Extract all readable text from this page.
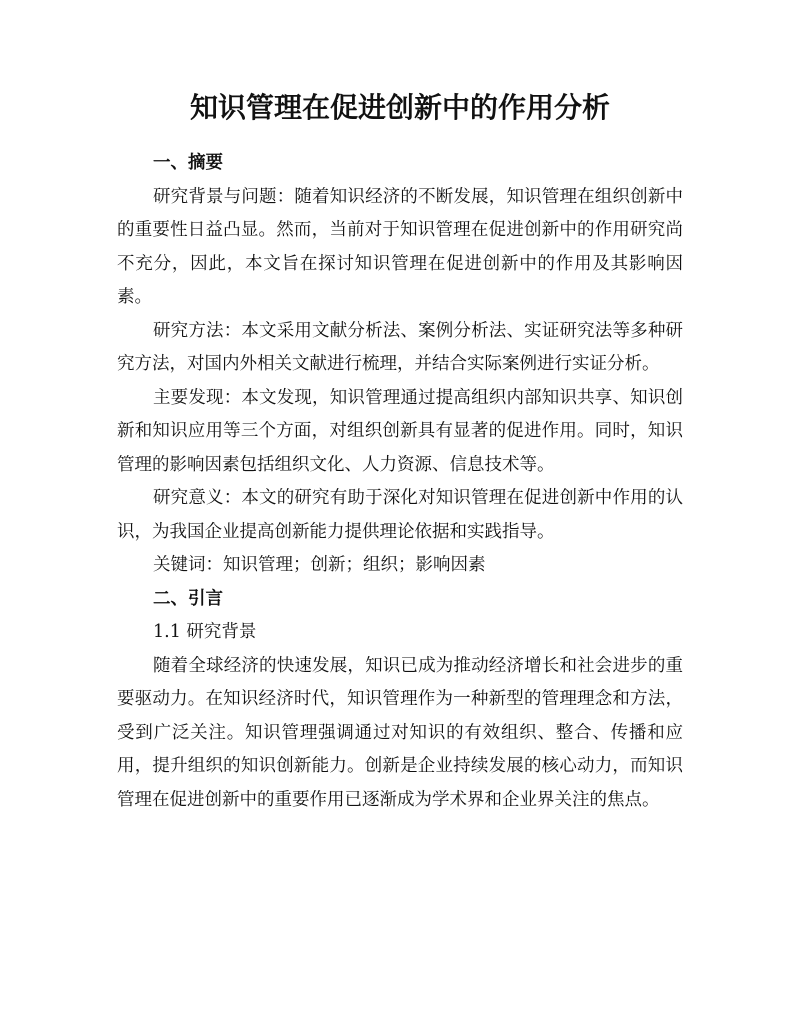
知识管理在促进创新中的作用分析

一、摘要

研究背景与问题：随着知识经济的不断发展，知识管理在组织创新中的重要性日益凸显。然而，当前对于知识管理在促进创新中的作用研究尚不充分，因此，本文旨在探讨知识管理在促进创新中的作用及其影响因素。

研究方法：本文采用文献分析法、案例分析法、实证研究法等多种研究方法，对国内外相关文献进行梳理，并结合实际案例进行实证分析。

主要发现：本文发现，知识管理通过提高组织内部知识共享、知识创新和知识应用等三个方面，对组织创新具有显著的促进作用。同时，知识管理的影响因素包括组织文化、人力资源、信息技术等。

研究意义：本文的研究有助于深化对知识管理在促进创新中作用的认识，为我国企业提高创新能力提供理论依据和实践指导。

关键词：知识管理；创新；组织；影响因素

二、引言

1.1 研究背景

随着全球经济的快速发展，知识已成为推动经济增长和社会进步的重要驱动力。在知识经济时代，知识管理作为一种新型的管理理念和方法，受到广泛关注。知识管理强调通过对知识的有效组织、整合、传播和应用，提升组织的知识创新能力。创新是企业持续发展的核心动力，而知识管理在促进创新中的重要作用已逐渐成为学术界和企业界关注的焦点。
